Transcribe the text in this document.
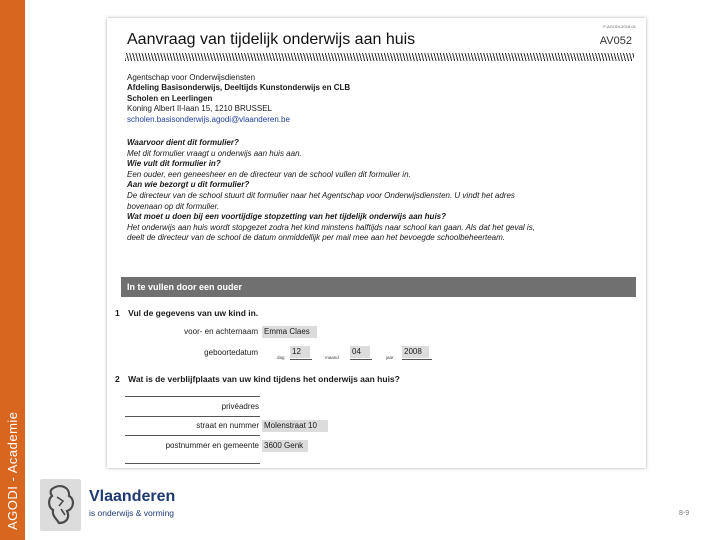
AGODI - Academie
F-AGODI-2018-01
Aanvraag van tijdelijk onderwijs aan huis	AV052
Agentschap voor Onderwijsdiensten
Afdeling Basisonderwijs, Deeltijds Kunstonderwijs en CLB
Scholen en Leerlingen
Koning Albert II-laan 15, 1210 BRUSSEL
scholen.basisonderwijs.agodi@vlaanderen.be
Waarvoor dient dit formulier?
Met dit formulier vraagt u onderwijs aan huis aan.
Wie vult dit formulier in?
Een ouder, een geneesheer en de directeur van de school vullen dit formulier in.
Aan wie bezorgt u dit formulier?
De directeur van de school stuurt dit formulier naar het Agentschap voor Onderwijsdiensten. U vindt het adres
bovenaan op dit formulier.
Wat moet u doen bij een voortijdige stopzetting van het tijdelijk onderwijs aan huis?
Het onderwijs aan huis wordt stopgezet zodra het kind minstens halftijds naar school kan gaan. Als dat het geval is,
deelt de directeur van de school de datum onmiddellijk per mail mee aan het bevoegde schoolbeheerteam.
In te vullen door een ouder
1 Vul de gegevens van uw kind in.
voor- en achternaam Emma Claes
geboortedatum
dag
12
maand
04
jaar
2008
2 Wat is de verblijfplaats van uw kind tijdens het onderwijs aan huis?
privéadres
straat en nummer Molenstraat 10
postnummer en gemeente 3600 Genk
Vlaanderen
is onderwijs & vorming	8-9
